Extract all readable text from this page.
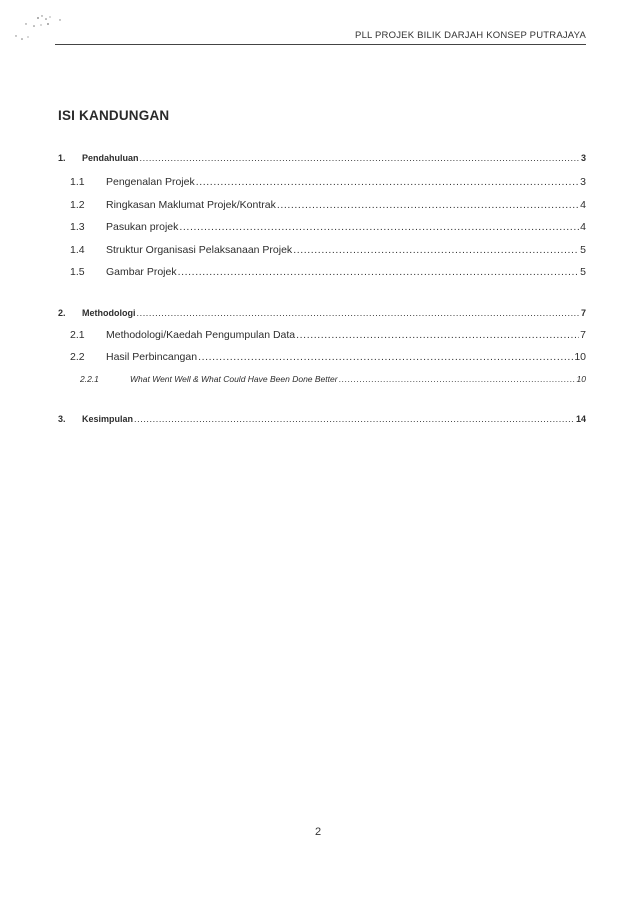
PLL PROJEK BILIK DARJAH KONSEP PUTRAJAYA
ISI KANDUNGAN
1.	Pendahuluan .....	3
1.1	Pengenalan Projek .....	3
1.2	Ringkasan Maklumat Projek/Kontrak .....	4
1.3	Pasukan projek .....	4
1.4	Struktur Organisasi Pelaksanaan Projek .....	5
1.5	Gambar Projek .....	5
2.	Methodologi .....	7
2.1	Methodologi/Kaedah Pengumpulan Data .....	7
2.2	Hasil Perbincangan .....	10
2.2.1	What Went Well & What Could Have Been Done Better .....	10
3.	Kesimpulan .....	14
2
